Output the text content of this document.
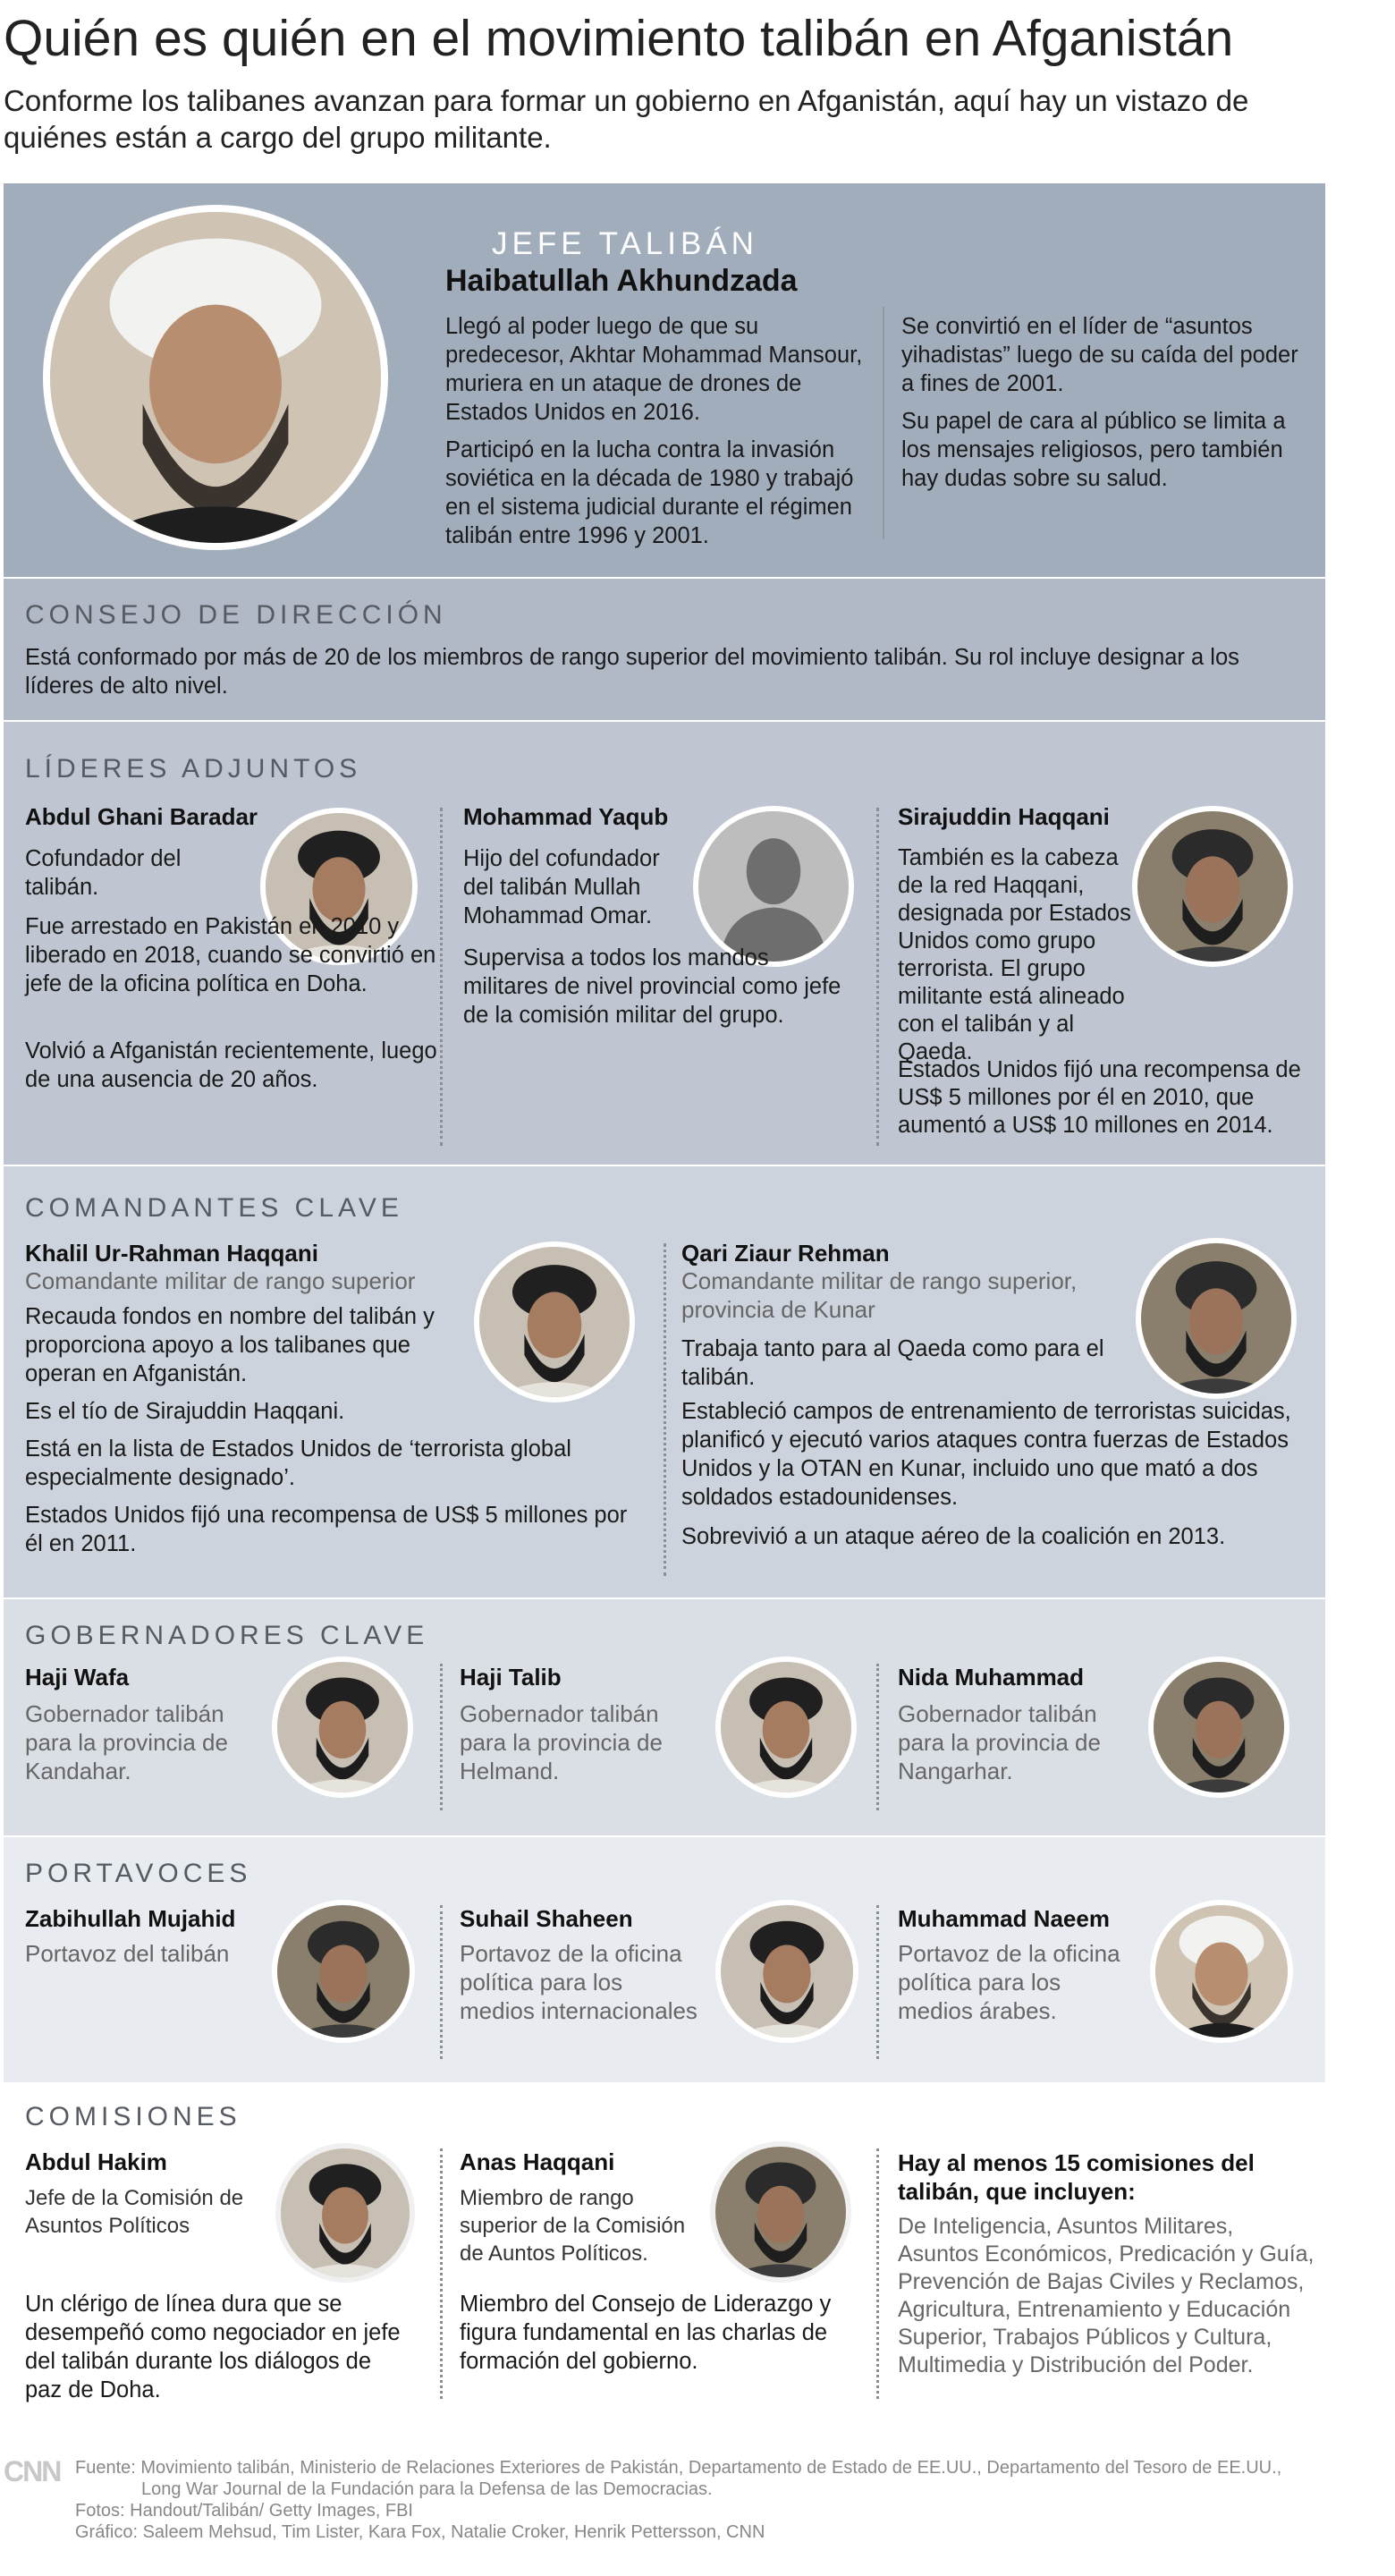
Quién es quién en el movimiento talibán en Afganistán
Conforme los talibanes avanzan para formar un gobierno en Afganistán, aquí hay un vistazo de quiénes están a cargo del grupo militante.
JEFE TALIBÁN
Haibatullah Akhundzada
Llegó al poder luego de que su predecesor, Akhtar Mohammad Mansour, muriera en un ataque de drones de Estados Unidos en 2016.
Participó en la lucha contra la invasión soviética en la década de 1980 y trabajó en el sistema judicial durante el régimen talibán entre 1996 y 2001.
Se convirtió en el líder de “asuntos yihadistas” luego de su caída del poder a fines de 2001.
Su papel de cara al público se limita a los mensajes religiosos, pero también hay dudas sobre su salud.
CONSEJO DE DIRECCIÓN
Está conformado por más de 20 de los miembros de rango superior del movimiento talibán. Su rol incluye designar a los líderes de alto nivel.
LÍDERES ADJUNTOS
Abdul Ghani Baradar
Cofundador del talibán.
Fue arrestado en Pakistán en 2010 y liberado en 2018, cuando se convirtió en jefe de la oficina política en Doha.
Volvió a Afganistán recientemente, luego de una ausencia de 20 años.
Mohammad Yaqub
Hijo del cofundador del talibán Mullah Mohammad Omar.
Supervisa a todos los mandos militares de nivel provincial como jefe de la comisión militar del grupo.
Sirajuddin Haqqani
También es la cabeza de la red Haqqani, designada por Estados Unidos como grupo terrorista. El grupo militante está alineado con el talibán y al Qaeda.
Estados Unidos fijó una recompensa de US$ 5 millones por él en 2010, que aumentó a US$ 10 millones en 2014.
COMANDANTES CLAVE
Khalil Ur-Rahman Haqqani
Comandante militar de rango superior
Recauda fondos en nombre del talibán y proporciona apoyo a los talibanes que operan en Afganistán.
Es el tío de Sirajuddin Haqqani.
Está en la lista de Estados Unidos de ‘terrorista global especialmente designado’.
Estados Unidos fijó una recompensa de US$ 5 millones por él en 2011.
Qari Ziaur Rehman
Comandante militar de rango superior, provincia de Kunar
Trabaja tanto para al Qaeda como para el talibán.
Estableció campos de entrenamiento de terroristas suicidas, planificó y ejecutó varios ataques contra fuerzas de Estados Unidos y la OTAN en Kunar, incluido uno que mató a dos soldados estadounidenses.
Sobrevivió a un ataque aéreo de la coalición en 2013.
GOBERNADORES CLAVE
Haji Wafa
Gobernador talibán para la provincia de Kandahar.
Haji Talib
Gobernador talibán para la provincia de Helmand.
Nida Muhammad
Gobernador talibán para la provincia de Nangarhar.
PORTAVOCES
Zabihullah Mujahid
Portavoz del talibán
Suhail Shaheen
Portavoz de la oficina política para los medios internacionales
Muhammad Naeem
Portavoz de la oficina política para los medios árabes.
COMISIONES
Abdul Hakim
Jefe de la Comisión de Asuntos Políticos
Un clérigo de línea dura que se desempeñó como negociador en jefe del talibán durante los diálogos de paz de Doha.
Anas Haqqani
Miembro de rango superior de la Comisión de Auntos Políticos.
Miembro del Consejo de Liderazgo y figura fundamental en las charlas de formación del gobierno.
Hay al menos 15 comisiones del talibán, que incluyen:
De Inteligencia, Asuntos Militares, Asuntos Económicos, Predicación y Guía, Prevención de Bajas Civiles y Reclamos, Agricultura, Entrenamiento y Educación Superior, Trabajos Públicos y Cultura, Multimedia y Distribución del Poder.
CNN Fuente: Movimiento talibán, Ministerio de Relaciones Exteriores de Pakistán, Departamento de Estado de EE.UU., Departamento del Tesoro de EE.UU.,
Long War Journal de la Fundación para la Defensa de las Democracias.
Fotos: Handout/Talibán/ Getty Images, FBI
Gráfico: Saleem Mehsud, Tim Lister, Kara Fox, Natalie Croker, Henrik Pettersson, CNN
